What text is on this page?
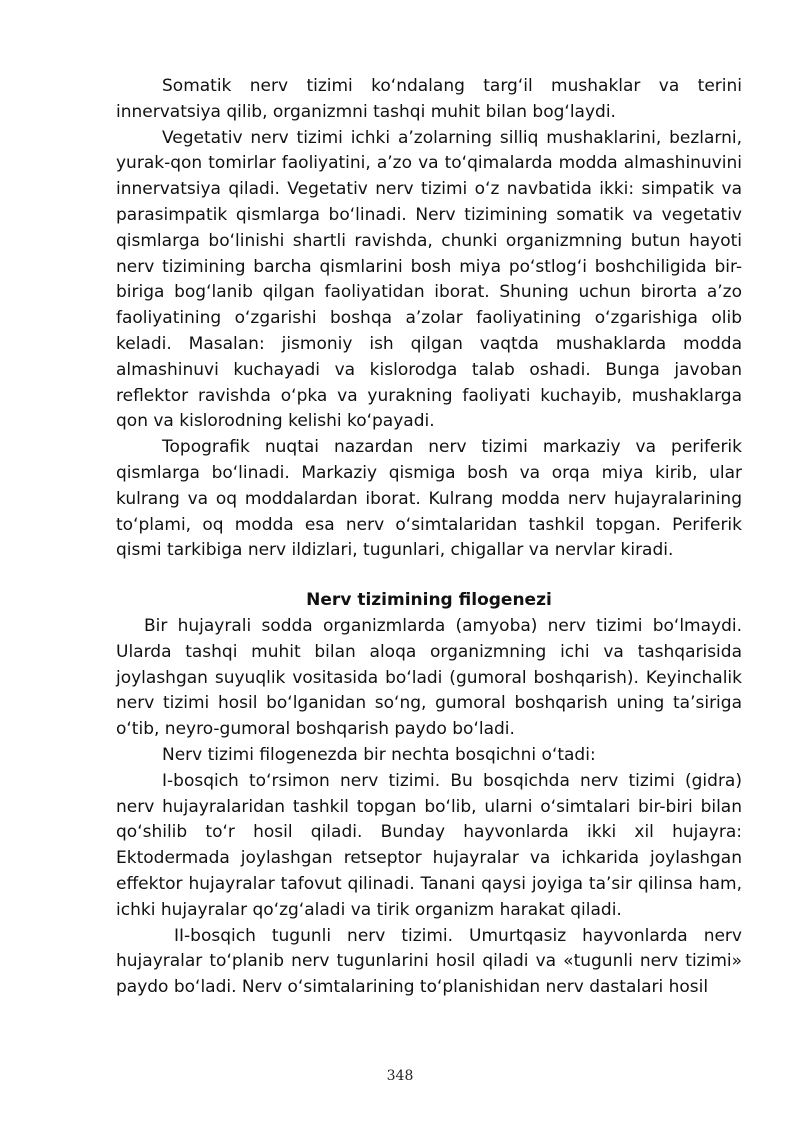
Somatik nerv tizimi ko‘ndalang targ‘il mushaklar va terini innervatsiya qilib, organizmni tashqi muhit bilan bog‘laydi.

Vegetativ nerv tizimi ichki a’zolarning silliq mushaklarini, bezlarni, yurak-qon tomirlar faoliyatini, a’zo va to‘qimalarda modda almashinuvini innervatsiya qiladi. Vegetativ nerv tizimi o‘z navbatida ikki: simpatik va parasimpatik qismlarga bo‘linadi. Nerv tizimining somatik va vegetativ qismlarga bo‘linishi shartli ravishda, chunki organizmning butun hayoti nerv tizimining barcha qismlarini bosh miya po‘stlog‘i boshchiligida bir-biriga bog‘lanib qilgan faoliyatidan iborat. Shuning uchun birorta a’zo faoliyatining o‘zgarishi boshqa a’zolar faoliyatining o‘zgarishiga olib keladi. Masalan: jismoniy ish qilgan vaqtda mushaklarda modda almashinuvi kuchayadi va kislorodga talab oshadi. Bunga javoban reflektor ravishda o‘pka va yurakning faoliyati kuchayib, mushaklarga qon va kislorodning kelishi ko‘payadi.

Topografik nuqtai nazardan nerv tizimi markaziy va periferik qismlarga bo‘linadi. Markaziy qismiga bosh va orqa miya kirib, ular kulrang va oq moddalardan iborat. Kulrang modda nerv hujayralarining to‘plami, oq modda esa nerv o‘simtalaridan tashkil topgan. Periferik qismi tarkibiga nerv ildizlari, tugunlari, chigallar va nervlar kiradi.

Nerv tizimining filogenezi

Bir hujayrali sodda organizmlarda (amyoba) nerv tizimi bo‘lmaydi. Ularda tashqi muhit bilan aloqa organizmning ichi va tashqarisida joylashgan suyuqlik vositasida bo‘ladi (gumoral boshqarish). Keyinchalik nerv tizimi hosil bo‘lganidan so‘ng, gumoral boshqarish uning ta’siriga o‘tib, neyro-gumoral boshqarish paydo bo‘ladi.

Nerv tizimi filogenezda bir nechta bosqichni o‘tadi:

I-bosqich to‘rsimon nerv tizimi. Bu bosqichda nerv tizimi (gidra) nerv hujayralaridan tashkil topgan bo‘lib, ularni o‘simtalari bir-biri bilan qo‘shilib to‘r hosil qiladi. Bunday hayvonlarda ikki xil hujayra: Ektodermada joylashgan retseptor hujayralar va ichkarida joylashgan effektor hujayralar tafovut qilinadi. Tanani qaysi joyiga ta’sir qilinsa ham, ichki hujayralar qo‘zg‘aladi va tirik organizm harakat qiladi.

II-bosqich tugunli nerv tizimi. Umurtqasiz hayvonlarda nerv hujayralar to‘planib nerv tugunlarini hosil qiladi va «tugunli nerv tizimi» paydo bo‘ladi. Nerv o‘simtalarining to‘planishidan nerv dastalari hosil

348
